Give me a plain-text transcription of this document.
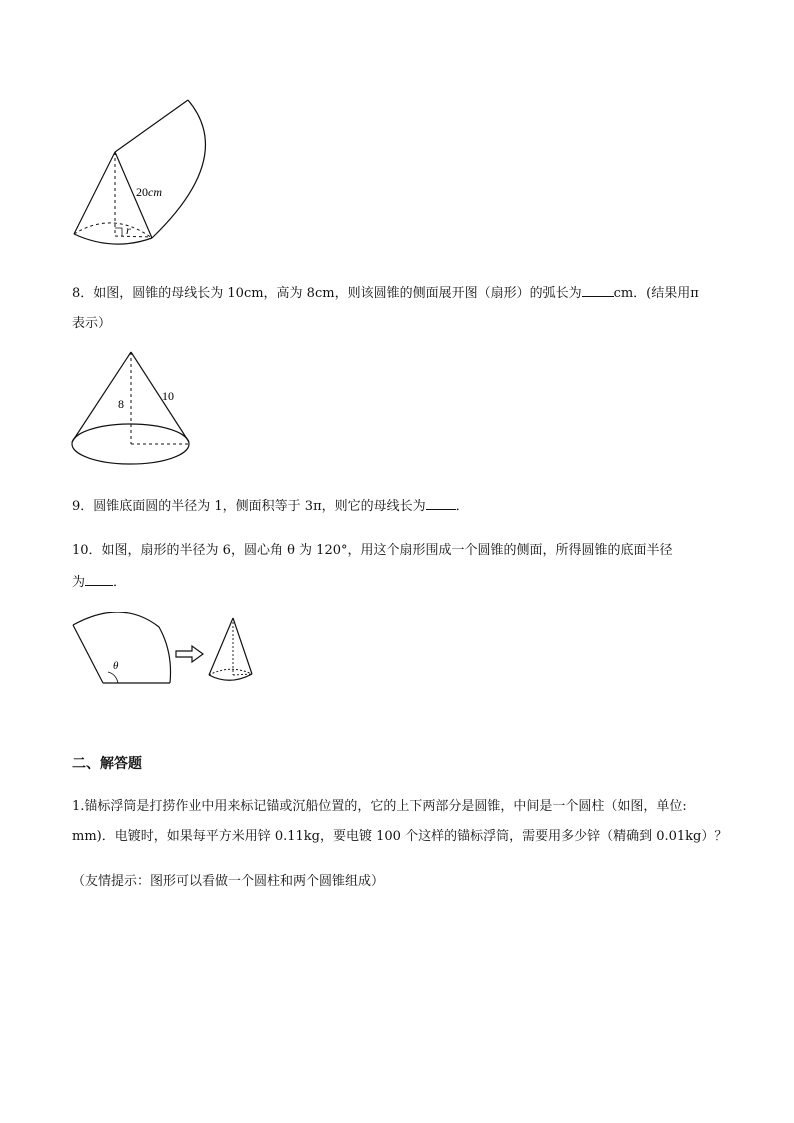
20cm
r
8．如图，圆锥的母线长为 10cm，高为 8cm，则该圆锥的侧面展开图（扇形）的弧长为 cm．(结果用π
表示）
8
10
9．圆锥底面圆的半径为 1，侧面积等于 3π，则它的母线长为 ．
10．如图，扇形的半径为 6，圆心角 θ 为 120°，用这个扇形围成一个圆锥的侧面，所得圆锥的底面半径
为 ．
θ
二、解答题
1.锚标浮筒是打捞作业中用来标记锚或沉船位置的，它的上下两部分是圆锥，中间是一个圆柱（如图，单位:
mm)．电镀时，如果每平方米用锌 0.11kg，要电镀 100 个这样的锚标浮筒，需要用多少锌（精确到 0.01kg）？
（友情提示：图形可以看做一个圆柱和两个圆锥组成）
